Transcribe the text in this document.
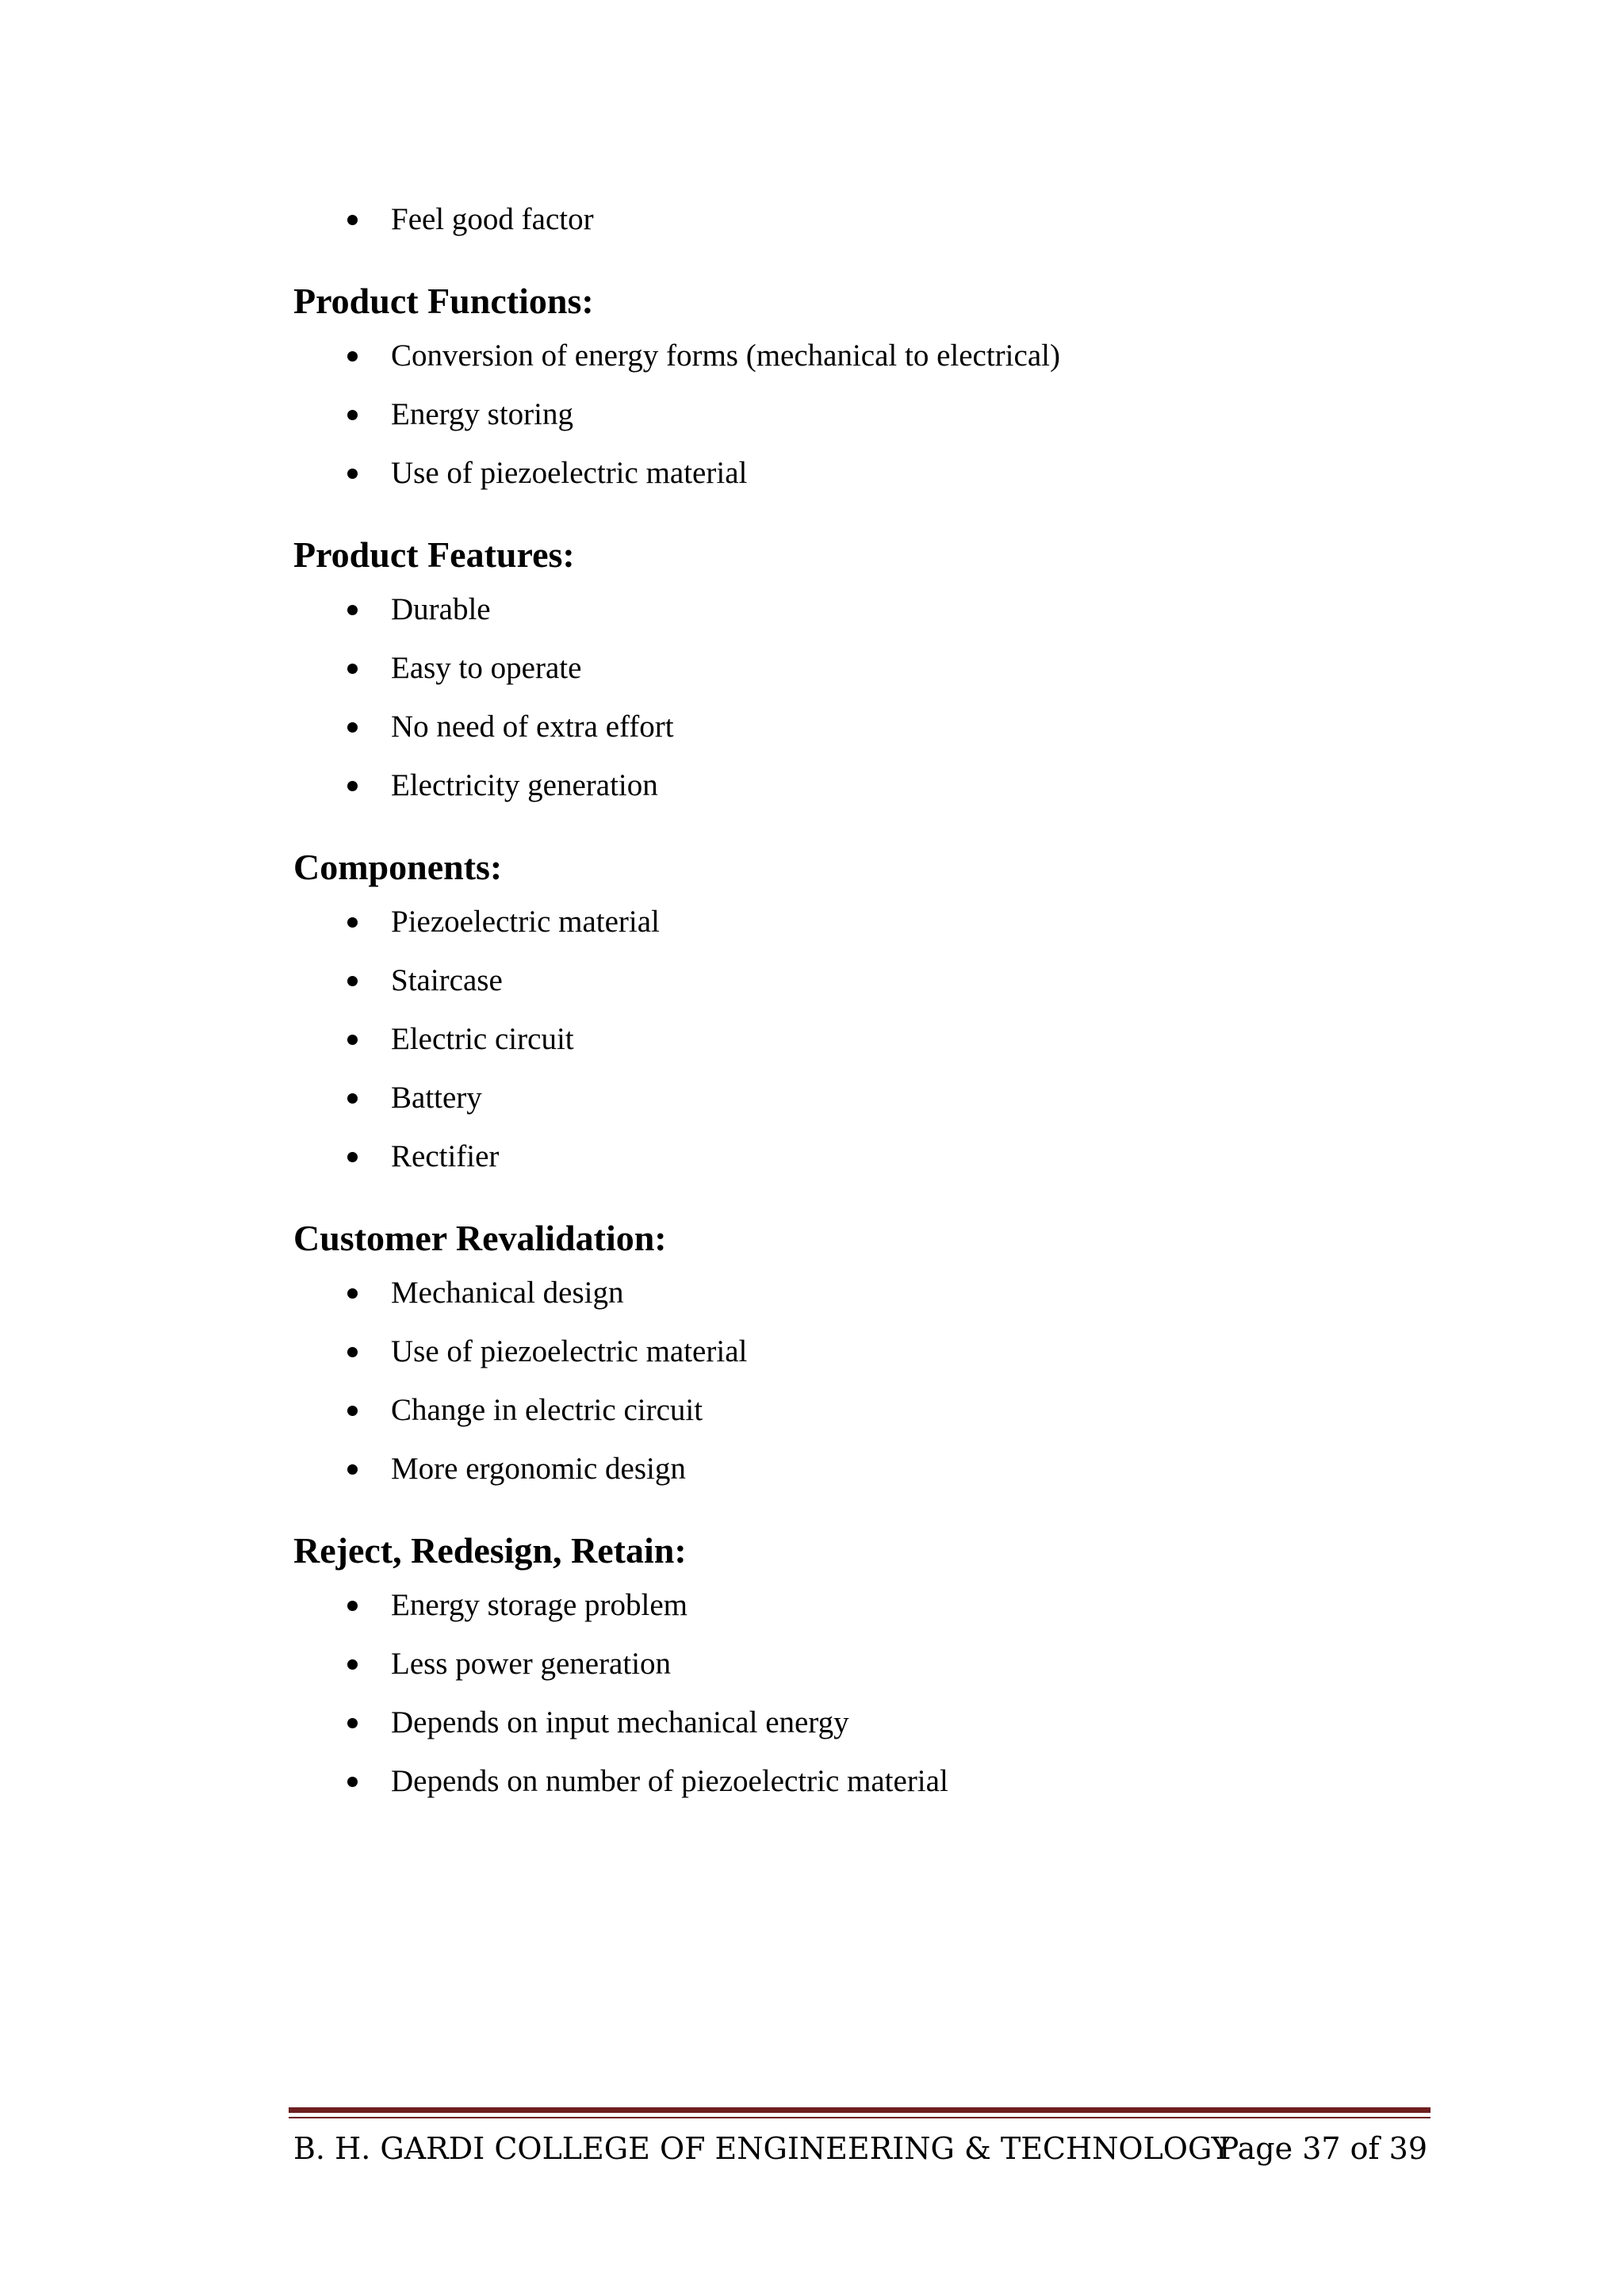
Feel good factor
Product Functions:
Conversion of energy forms (mechanical to electrical)
Energy storing
Use of piezoelectric material
Product Features:
Durable
Easy to operate
No need of extra effort
Electricity generation
Components:
Piezoelectric material
Staircase
Electric circuit
Battery
Rectifier
Customer Revalidation:
Mechanical design
Use of piezoelectric material
Change in electric circuit
More ergonomic design
Reject, Redesign, Retain:
Energy storage problem
Less power generation
Depends on input mechanical energy
Depends on number of piezoelectric material
B. H. GARDI COLLEGE OF ENGINEERING & TECHNOLOGY
Page 37 of 39
